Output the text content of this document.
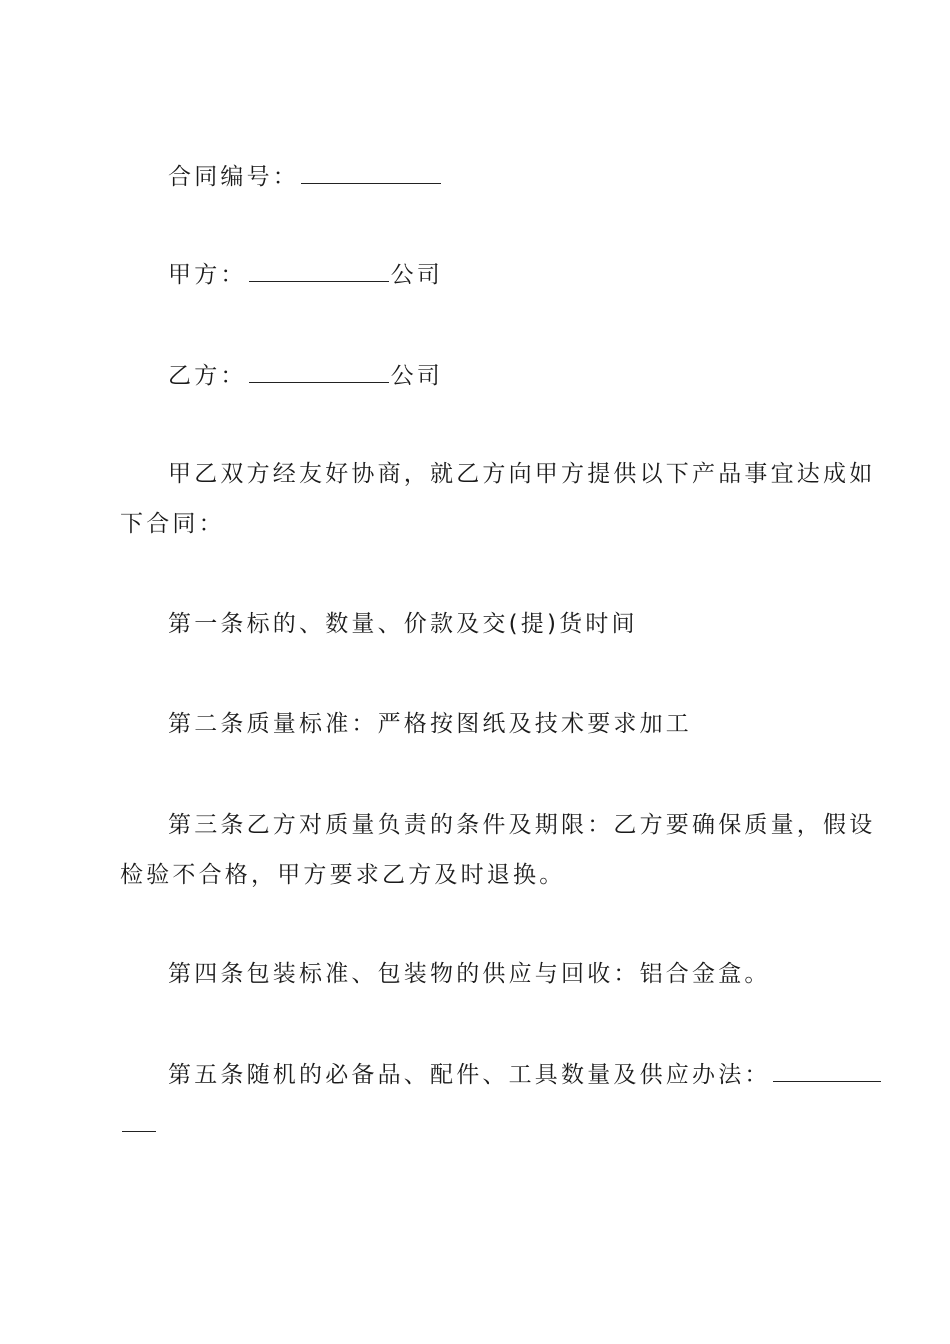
合同编号：
甲方：	公司
乙方：	公司
甲乙双方经友好协商，就乙方向甲方提供以下产品事宜达成如
下合同：
第一条标的、数量、价款及交(提)货时间
第二条质量标准：严格按图纸及技术要求加工
第三条乙方对质量负责的条件及期限：乙方要确保质量，假设
检验不合格，甲方要求乙方及时退换。
第四条包装标准、包装物的供应与回收：铝合金盒。
第五条随机的必备品、配件、工具数量及供应办法：
